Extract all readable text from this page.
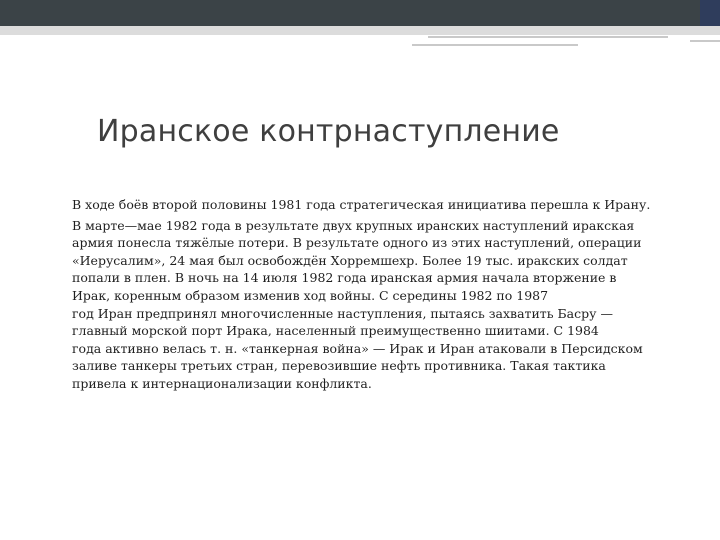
Иранское контрнаступление
В ходе боёв второй половины 1981 года стратегическая инициатива перешла к Ирану.
В марте—мае 1982 года в результате двух крупных иранских наступлений иракская
армия понесла тяжёлые потери. В результате одного из этих наступлений, операции
«Иерусалим», 24 мая был освобождён Хорремшехр. Более 19 тыс. иракских солдат
попали в плен. В ночь на 14 июля 1982 года иранская армия начала вторжение в
Ирак, коренным образом изменив ход войны. С середины 1982 по 1987
год Иран предпринял многочисленные наступления, пытаясь захватить Басру —
главный морской порт Ирака, населенный преимущественно шиитами. С 1984
года активно велась т. н. «танкерная война» — Ирак и Иран атаковали в Персидском
заливе танкеры третьих стран, перевозившие нефть противника. Такая тактика
привела к интернационализации конфликта.
